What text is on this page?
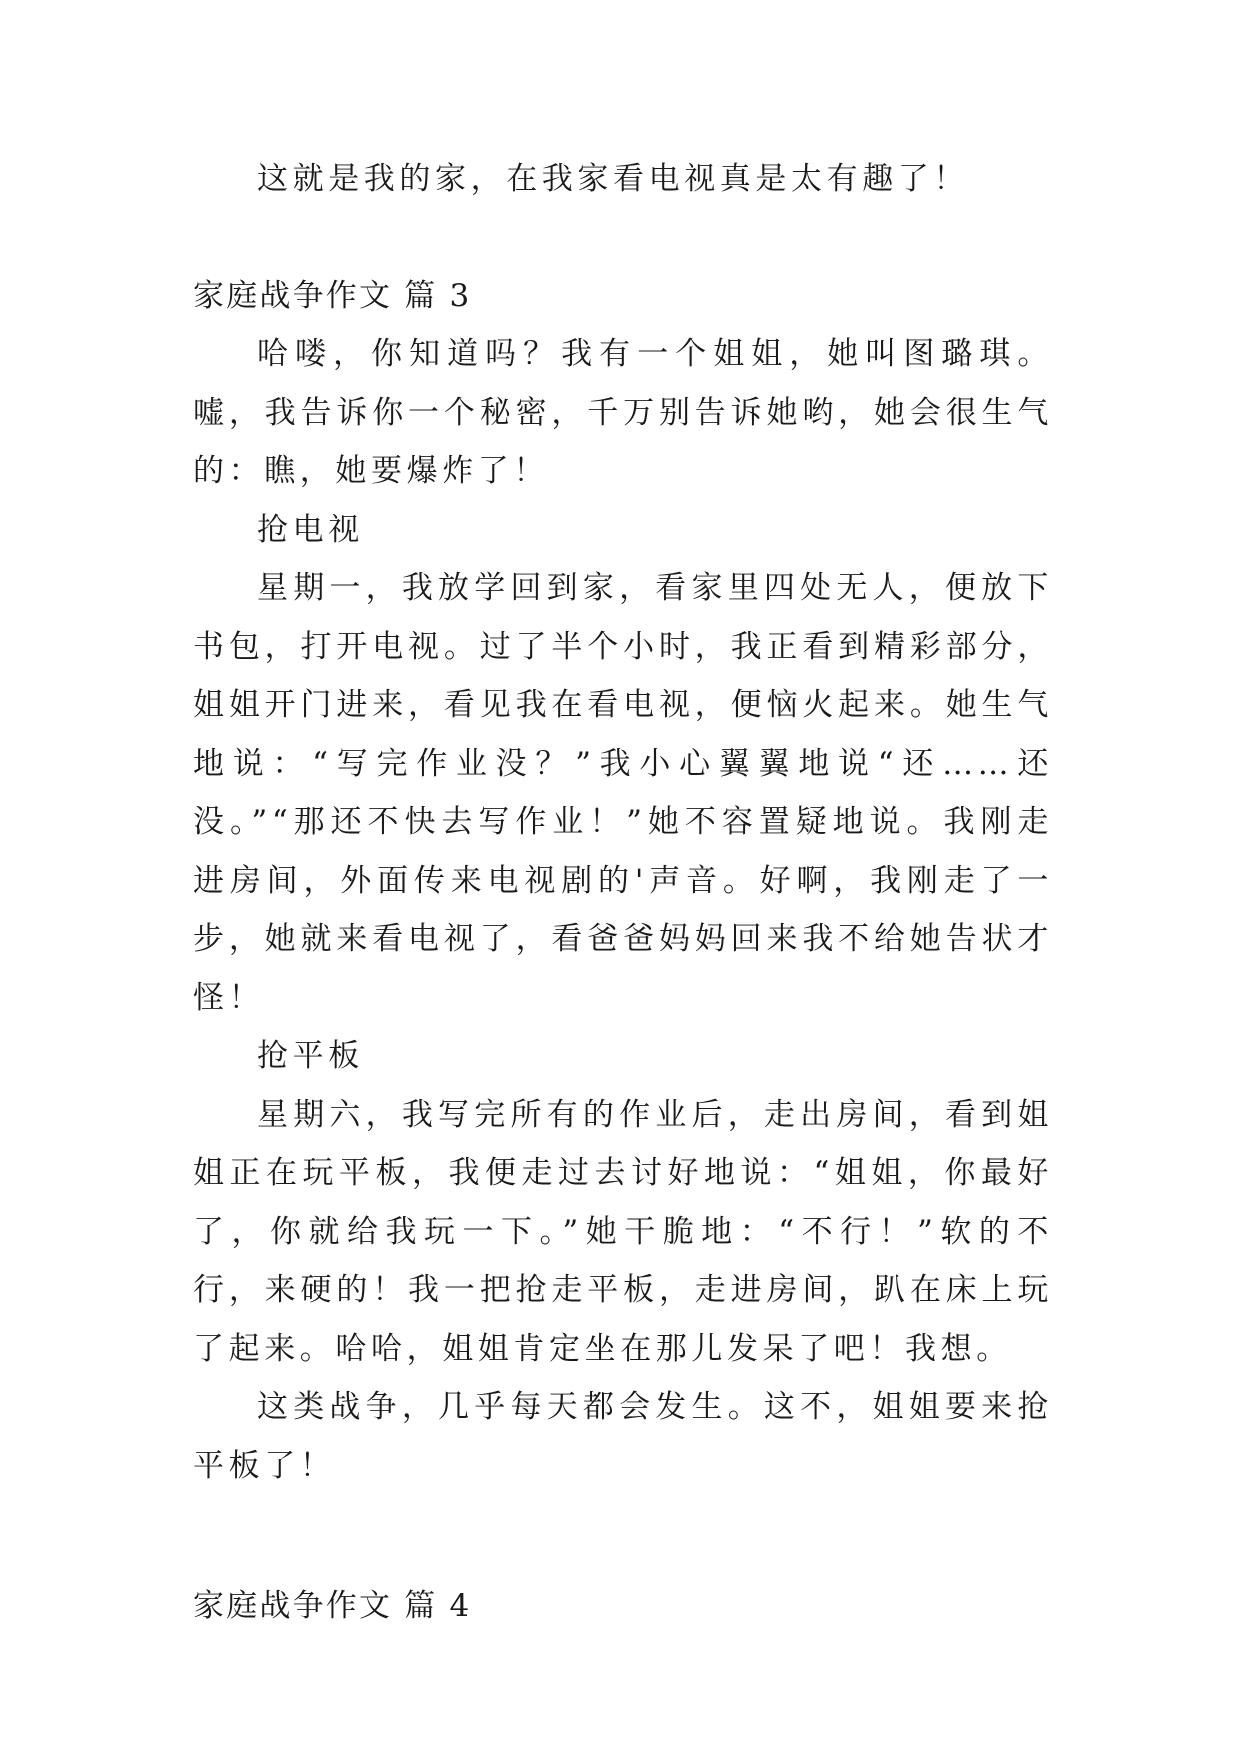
这就是我的家，在我家看电视真是太有趣了！

家庭战争作文 篇 3

哈喽，你知道吗？我有一个姐姐，她叫图璐琪。嘘，我告诉你一个秘密，千万别告诉她哟，她会很生气的：瞧，她要爆炸了！

抢电视

星期一，我放学回到家，看家里四处无人，便放下书包，打开电视。过了半个小时，我正看到精彩部分，姐姐开门进来，看见我在看电视，便恼火起来。她生气地说：“写完作业没？”我小心翼翼地说“还……还没。”“那还不快去写作业！”她不容置疑地说。我刚走进房间，外面传来电视剧的'声音。好啊，我刚走了一步，她就来看电视了，看爸爸妈妈回来我不给她告状才怪！

抢平板

星期六，我写完所有的作业后，走出房间，看到姐姐正在玩平板，我便走过去讨好地说：“姐姐，你最好了，你就给我玩一下。”她干脆地：“不行！”软的不行，来硬的！我一把抢走平板，走进房间，趴在床上玩了起来。哈哈，姐姐肯定坐在那儿发呆了吧！我想。

这类战争，几乎每天都会发生。这不，姐姐要来抢平板了！

家庭战争作文 篇 4
